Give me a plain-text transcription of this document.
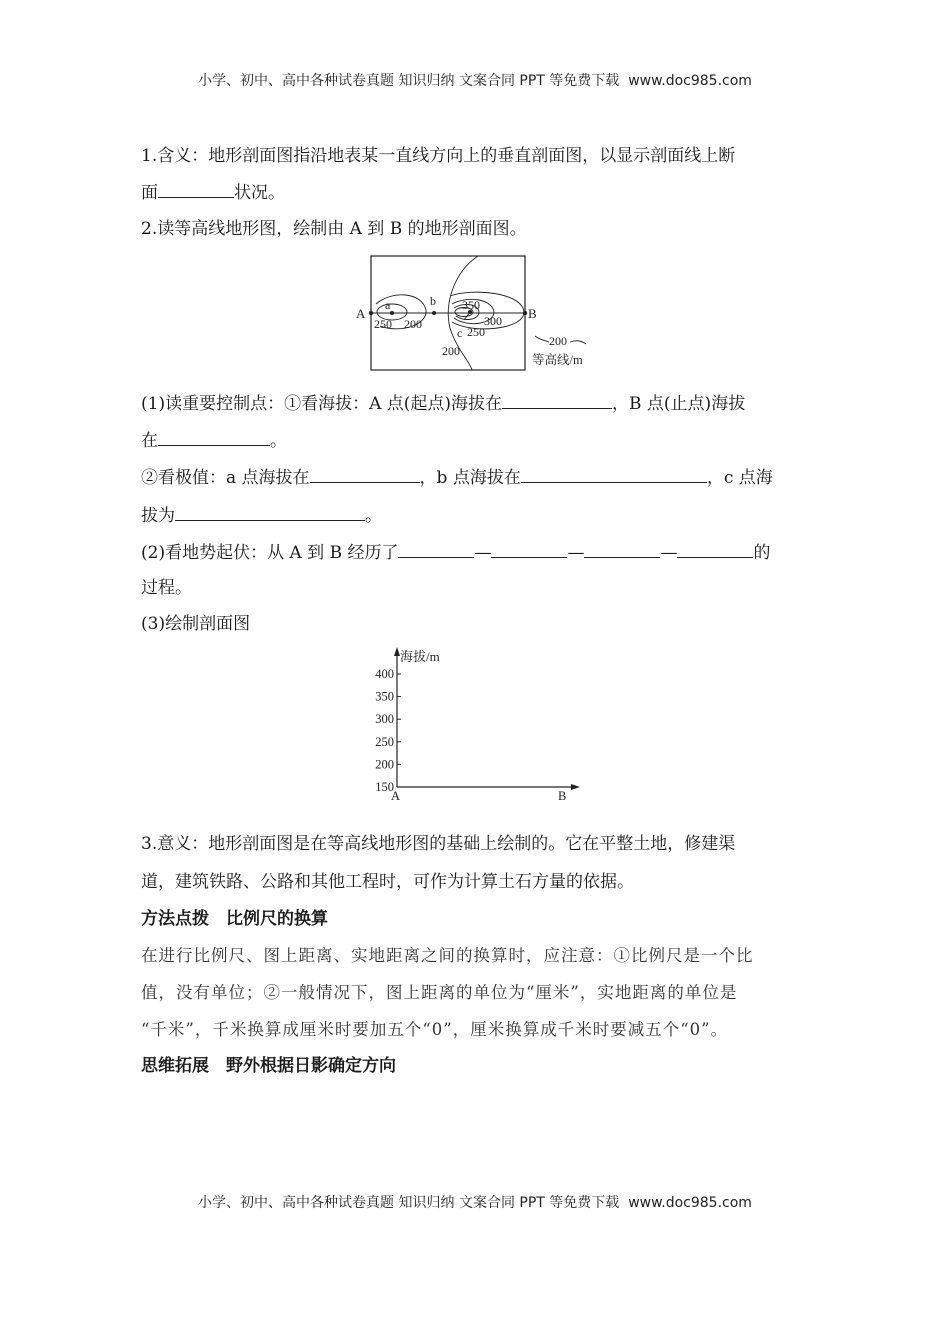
小学、初中、高中各种试卷真题 知识归纳 文案合同 PPT 等免费下载 www.doc985.com
1.含义：地形剖面图指沿地表某一直线方向上的垂直剖面图，以显示剖面线上断
面	状况。
2.读等高线地形图，绘制由 A 到 B 的地形剖面图。
A	B
a	b
c
250 200
350
300
250
200
200
等高线/m
(1)读重要控制点：①看海拔：A 点(起点)海拔在	，B 点(止点)海拔
在	。
②看极值：a 点海拔在	，b 点海拔在	，c 点海
拔为	。
(2)看地势起伏：从 A 到 B 经历了	—	—	—	的
过程。
(3)绘制剖面图
海拔/m
400
350
300
250
200
150
A	B
3.意义：地形剖面图是在等高线地形图的基础上绘制的。它在平整土地，修建渠
道，建筑铁路、公路和其他工程时，可作为计算土石方量的依据。
方法点拨　比例尺的换算
在进行比例尺、图上距离、实地距离之间的换算时，应注意：①比例尺是一个比
值，没有单位；②一般情况下，图上距离的单位为“厘米”，实地距离的单位是
“千米”，千米换算成厘米时要加五个“0”，厘米换算成千米时要减五个“0”。
思维拓展　野外根据日影确定方向
小学、初中、高中各种试卷真题 知识归纳 文案合同 PPT 等免费下载 www.doc985.com
